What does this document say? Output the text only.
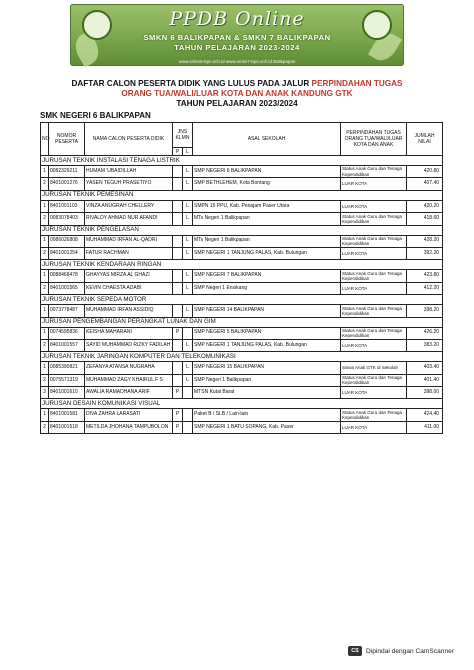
PPDB Online
SMKN 6 BALIKPAPAN & SMKN 7 BALIKPAPAN
TAHUN PELAJARAN 2023-2024
www.smkn6-bpn.sch.id www.smkn7-bpn.sch.id Balikpapan
DAFTAR CALON PESERTA DIDIK YANG LULUS PADA JALUR PERPINDAHAN TUGAS
ORANG TUA/WALI/LUAR KOTA DAN ANAK KANDUNG GTK
TAHUN PELAJARAN 2023/2024
SMK NEGERI 6 BALIKPAPAN
NO	NOMOR PESERTA	NAMA CALON PESERTA DIDIK	JNS KLMN		ASAL SEKOLAH	PERPINDAHAN TUGAS ORANG TUA/WALI/LUAR KOTA DAN ANAK	JUMLAH NILAI
			P	L			
JURUSAN TEKNIK INSTALASI TENAGA LISTRIK							
1	0082329211	HUMAM 'UBAIDILLAH		L	SMP NEGERI 6 BALIKPAPAN	Status Anak Guru dan Tenaga Kependidikan	420.80
2	8401001276	YASEN TEGUH PRASETIYO		L	SMP BETHLEHEM, Kota Bontang	LUAR KOTA	407.40
JURUSAN TEKNIK PEMESINAN							
1	8401001103	VINZA ANUGRAH CHELLERY		L	SMPN 15 PPU, Kab. Penajam Paser Utara	LUAR KOTA	420.20
2	0083078403	RIVALDY AHMAD NUR AFANDI		L	MTs Negeri 1 Balikpapan	Status Anak Guru dan Tenaga Kependidikan	418.60
JURUSAN TEKNIK PENGELASAN							
1	0086026808	MUHAMMAD IRFAN AL-QADRI		L	MTs Negeri 1 Balikpapan	Status Anak Guru dan Tenaga Kependidikan	428.20
2	8401001254	FATUR RACHMAN		L	SMP NEGERI 1 TANJUNG PALAS, Kab. Bulungan	LUAR KOTA	392.20
JURUSAN TEKNIK KENDARAAN RINGAN							
1	0088468478	GHAYYAS MIRZA AL GHAZI		L	SMP NEGERI 7 BALIKPAPAN	Status Anak Guru dan Tenaga Kependidikan	423.80
2	8401001565	KEVIN CHAESTA ADABI		L	SMP Negeri 1 Ensikang	LUAR KOTA	412.20
JURUSAN TEKNIK SEPEDA MOTOR							
1	0073778487	MUHAMMAD IRFAN ASSIDIQ		L	SMP NEGERI 14 BALIKPAPAN	Status Anak Guru dan Tenaga Kependidikan	398.20
JURUSAN PENGEMBANGAN PERANGKAT LUNAK DAN GIM							
1	0074595836	KEISHA MAHARANI	P		SMP NEGERI 5 BALIKPAPAN	Status Anak Guru dan Tenaga Kependidikan	426.20
2	8401001557	SAYID MUHAMMAD RIZKY FADILAH		L	SMP NEGERI 1 TANJUNG PALAS, Kab. Bulungan	LUAR KOTA	383.20
JURUSAN TEKNIK JARINGAN KOMPUTER DAN TELEKOMUNIKASI							
1	0085390821	ZEFANYA ATANSA NUGRAHA		L	SMP NEGERI 15 BALIKPAPAN	Siswa Anak GTK di Sekolah	403.40
2	0075571319	MUHAMMAD ZAGY KHAIRUL F S		L	SMP Negeri 1 Balikpapan	Status Anak Guru dan Tenaga Kependidikan	401.40
3	8401001610	AWALIA RAMADHANA ARIF	P		MTSN Kutai Barat	LUAR KOTA	398.00
JURUSAN DESAIN KOMUNIKASI VISUAL							
1	8401001581	DIVA ZAHRA LARASATI	P		Paket B / SLB / Lain-lain	Status Anak Guru dan Tenaga Kependidikan	424.40
2	8401001518	METILDA JHOHANA TAMPUBOLON	P		SMP NEGERI 1 BATU SOPANG, Kab. Paser	LUAR KOTA	411.00
CS	Dipindai dengan CamScanner
